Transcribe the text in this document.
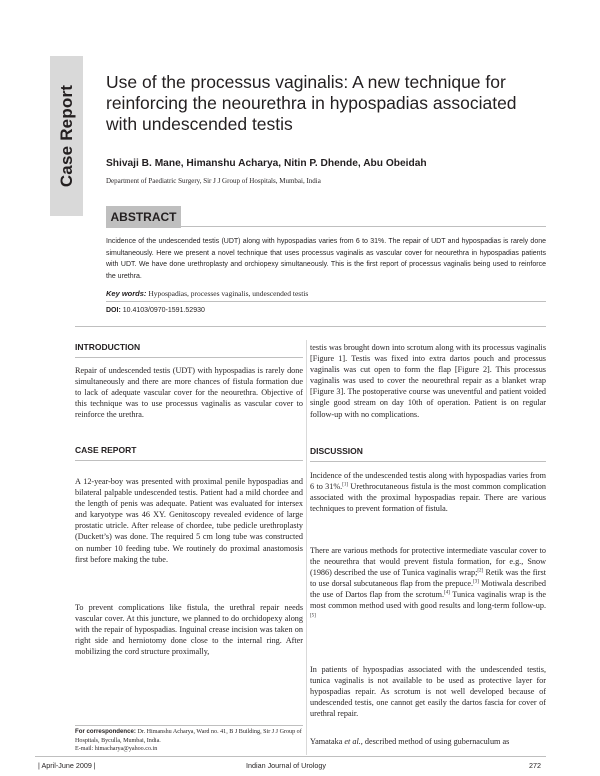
Case Report
Use of the processus vaginalis: A new technique for reinforcing the neourethra in hypospadias associated with undescended testis
Shivaji B. Mane, Himanshu Acharya, Nitin P. Dhende, Abu Obeidah
Department of Paediatric Surgery, Sir J J Group of Hospitals, Mumbai, India
ABSTRACT

Incidence of the undescended testis (UDT) along with hypospadias varies from 6 to 31%. The repair of UDT and hypospadias is rarely done simultaneously. Here we present a novel technique that uses processus vaginalis as vascular cover for neourethra in hypospadias patients with UDT. We have done urethroplasty and orchiopexy simultaneously. This is the first report of processus vaginalis being used to reinforce the urethra.

Key words: Hypospadias, processes vaginalis, undescended testis
DOI: 10.4103/0970-1591.52930
INTRODUCTION

Repair of undescended testis (UDT) with hypospadias is rarely done simultaneously and there are more chances of fistula formation due to lack of adequate vascular cover for the neourethra. Objective of this technique was to use processus vaginalis as vascular cover to reinforce the urethra.

CASE REPORT

A 12-year-boy was presented with proximal penile hypospadias and bilateral palpable undescended testis. Patient had a mild chordee and the length of penis was adequate. Patient was evaluated for intersex and karyotype was 46 XY. Genitoscopy revealed evidence of large prostatic utricle. After release of chordee, tube pedicle urethroplasty (Duckett’s) was done. The required 5 cm long tube was constructed on number 10 feeding tube. We routinely do proximal anastomosis first before making the tube.

To prevent complications like fistula, the urethral repair needs vascular cover. At this juncture, we planned to do orchidopexy along with the repair of hypospadias. Inguinal crease incision was taken on right side and herniotomy done close to the internal ring. After mobilizing the cord structure proximally,

For correspondence: Dr. Himanshu Acharya, Ward no. 41, B J Building, Sir J J Group of Hospitals, Byculla, Mumbai, India.
E-mail: himacharya@yahoo.co.in

testis was brought down into scrotum along with its processus vaginalis [Figure 1]. Testis was fixed into extra dartos pouch and processus vaginalis was cut open to form the flap [Figure 2]. This processus vaginalis was used to cover the neourethral repair as a blanket wrap [Figure 3]. The postoperative course was uneventful and patient voided single good stream on day 10th of operation. Patient is on regular follow-up with no complications.

DISCUSSION

Incidence of the undescended testis along with hypospadias varies from 6 to 31%.[1] Urethrocutaneous fistula is the most common complication associated with the proximal hypospadias repair. There are various techniques to prevent formation of fistula.

There are various methods for protective intermediate vascular cover to the neourethra that would prevent fistula formation, for e.g., Snow (1986) described the use of Tunica vaginalis wrap;[2] Retik was the first to use dorsal subcutaneous flap from the prepuce.[3] Motiwala described the use of Dartos flap from the scrotum.[4] Tunica vaginalis wrap is the most common method used with good results and long-term follow-up.[5]

In patients of hypospadias associated with the undescended testis, tunica vaginalis is not available to be used as protective layer for hypospadias repair. As scrotum is not well developed because of undescended testis, one cannot get easily the dartos fascia for cover of urethral repair.

Yamataka et al., described method of using gubernaculum as

| April-June 2009 |	Indian Journal of Urology	272
